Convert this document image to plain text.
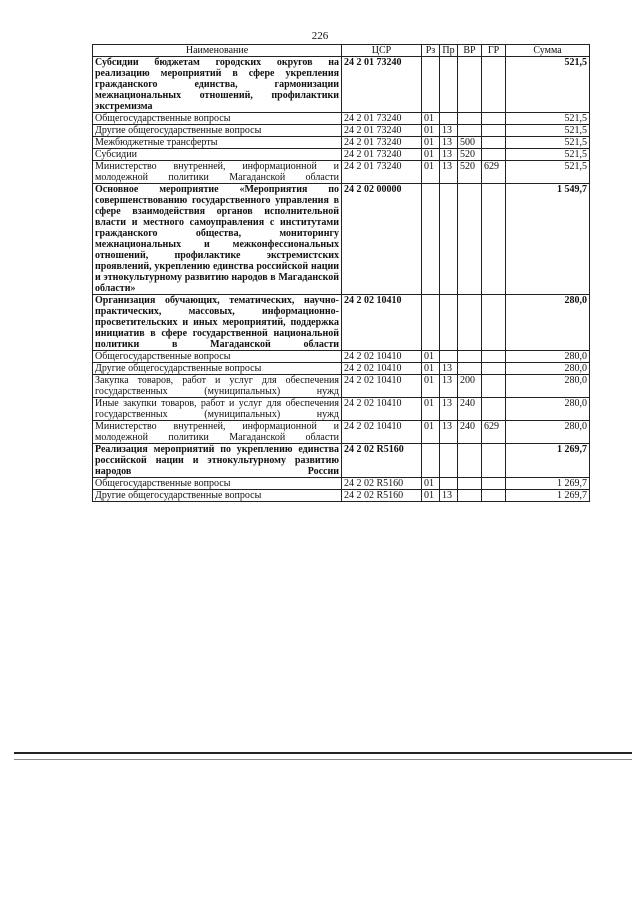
226
Наименование	ЦСР	Рз	Пр	ВР	ГР	Сумма
Субсидии бюджетам городских округов на реализацию мероприятий в сфере укрепления гражданского единства, гармонизации межнациональных отношений, профилактики экстремизма	24 2 01 73240					521,5
Общегосударственные вопросы	24 2 01 73240	01				521,5
Другие общегосударственные вопросы	24 2 01 73240	01	13			521,5
Межбюджетные трансферты	24 2 01 73240	01	13	500		521,5
Субсидии	24 2 01 73240	01	13	520		521,5
Министерство внутренней, информационной и молодежной политики Магаданской области	24 2 01 73240	01	13	520	629	521,5
Основное мероприятие «Мероприятия по совершенствованию государственного управления в сфере взаимодействия органов исполнительной власти и местного самоуправления с институтами гражданского общества, мониторингу межнациональных и межконфессиональных отношений, профилактике экстремистских проявлений, укреплению единства российской нации и этнокультурному развитию народов в Магаданской области»	24 2 02 00000					1 549,7
Организация обучающих, тематических, научно-практических, массовых, информационно-просветительских и иных мероприятий, поддержка инициатив в сфере государственной национальной политики в Магаданской области	24 2 02 10410					280,0
Общегосударственные вопросы	24 2 02 10410	01				280,0
Другие общегосударственные вопросы	24 2 02 10410	01	13			280,0
Закупка товаров, работ и услуг для обеспечения государственных (муниципальных) нужд	24 2 02 10410	01	13	200		280,0
Иные закупки товаров, работ и услуг для обеспечения государственных (муниципальных) нужд	24 2 02 10410	01	13	240		280,0
Министерство внутренней, информационной и молодежной политики Магаданской области	24 2 02 10410	01	13	240	629	280,0
Реализация мероприятий по укреплению единства российской нации и этнокультурному развитию народов России	24 2 02 R5160					1 269,7
Общегосударственные вопросы	24 2 02 R5160	01				1 269,7
Другие общегосударственные вопросы	24 2 02 R5160	01	13			1 269,7
